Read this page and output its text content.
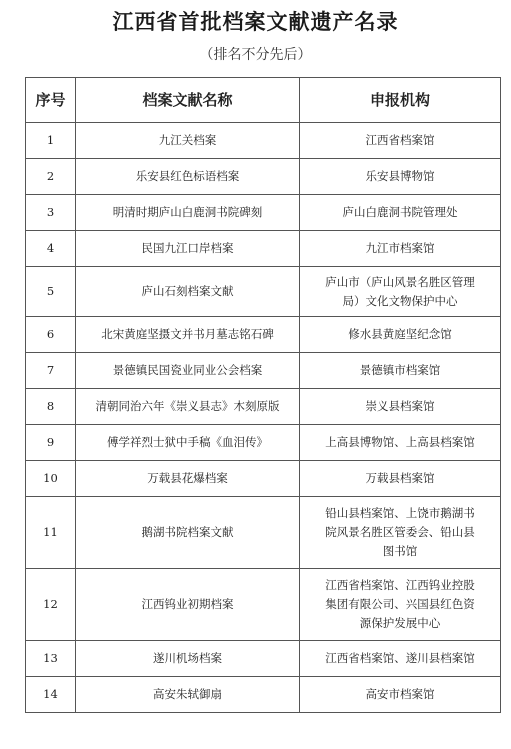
江西省首批档案文献遗产名录
（排名不分先后）
序号	档案文献名称	申报机构
1	九江关档案	江西省档案馆

2	乐安县红色标语档案	乐安县博物馆

3	明清时期庐山白鹿洞书院碑刻	庐山白鹿洞书院管理处

4	民国九江口岸档案	九江市档案馆

5	庐山石刻档案文献	庐山市（庐山风景名胜区管理
局）文化文物保护中心

6	北宋黄庭坚摄文并书月墓志铭石碑	修水县黄庭坚纪念馆

7	景德镇民国瓷业同业公会档案	景德镇市档案馆

8	清朝同治六年《崇义县志》木刻原版	崇义县档案馆

9	傅学祥烈士狱中手稿《血泪传》	上高县博物馆、上高县档案馆

10	万载县花爆档案	万载县档案馆

11	鹅湖书院档案文献	铅山县档案馆、上饶市鹅湖书
院风景名胜区管委会、铅山县
图书馆

12	江西钨业初期档案	江西省档案馆、江西钨业控股
集团有限公司、兴国县红色资
源保护发展中心

13	遂川机场档案	江西省档案馆、遂川县档案馆

14	高安朱轼御扇	高安市档案馆
